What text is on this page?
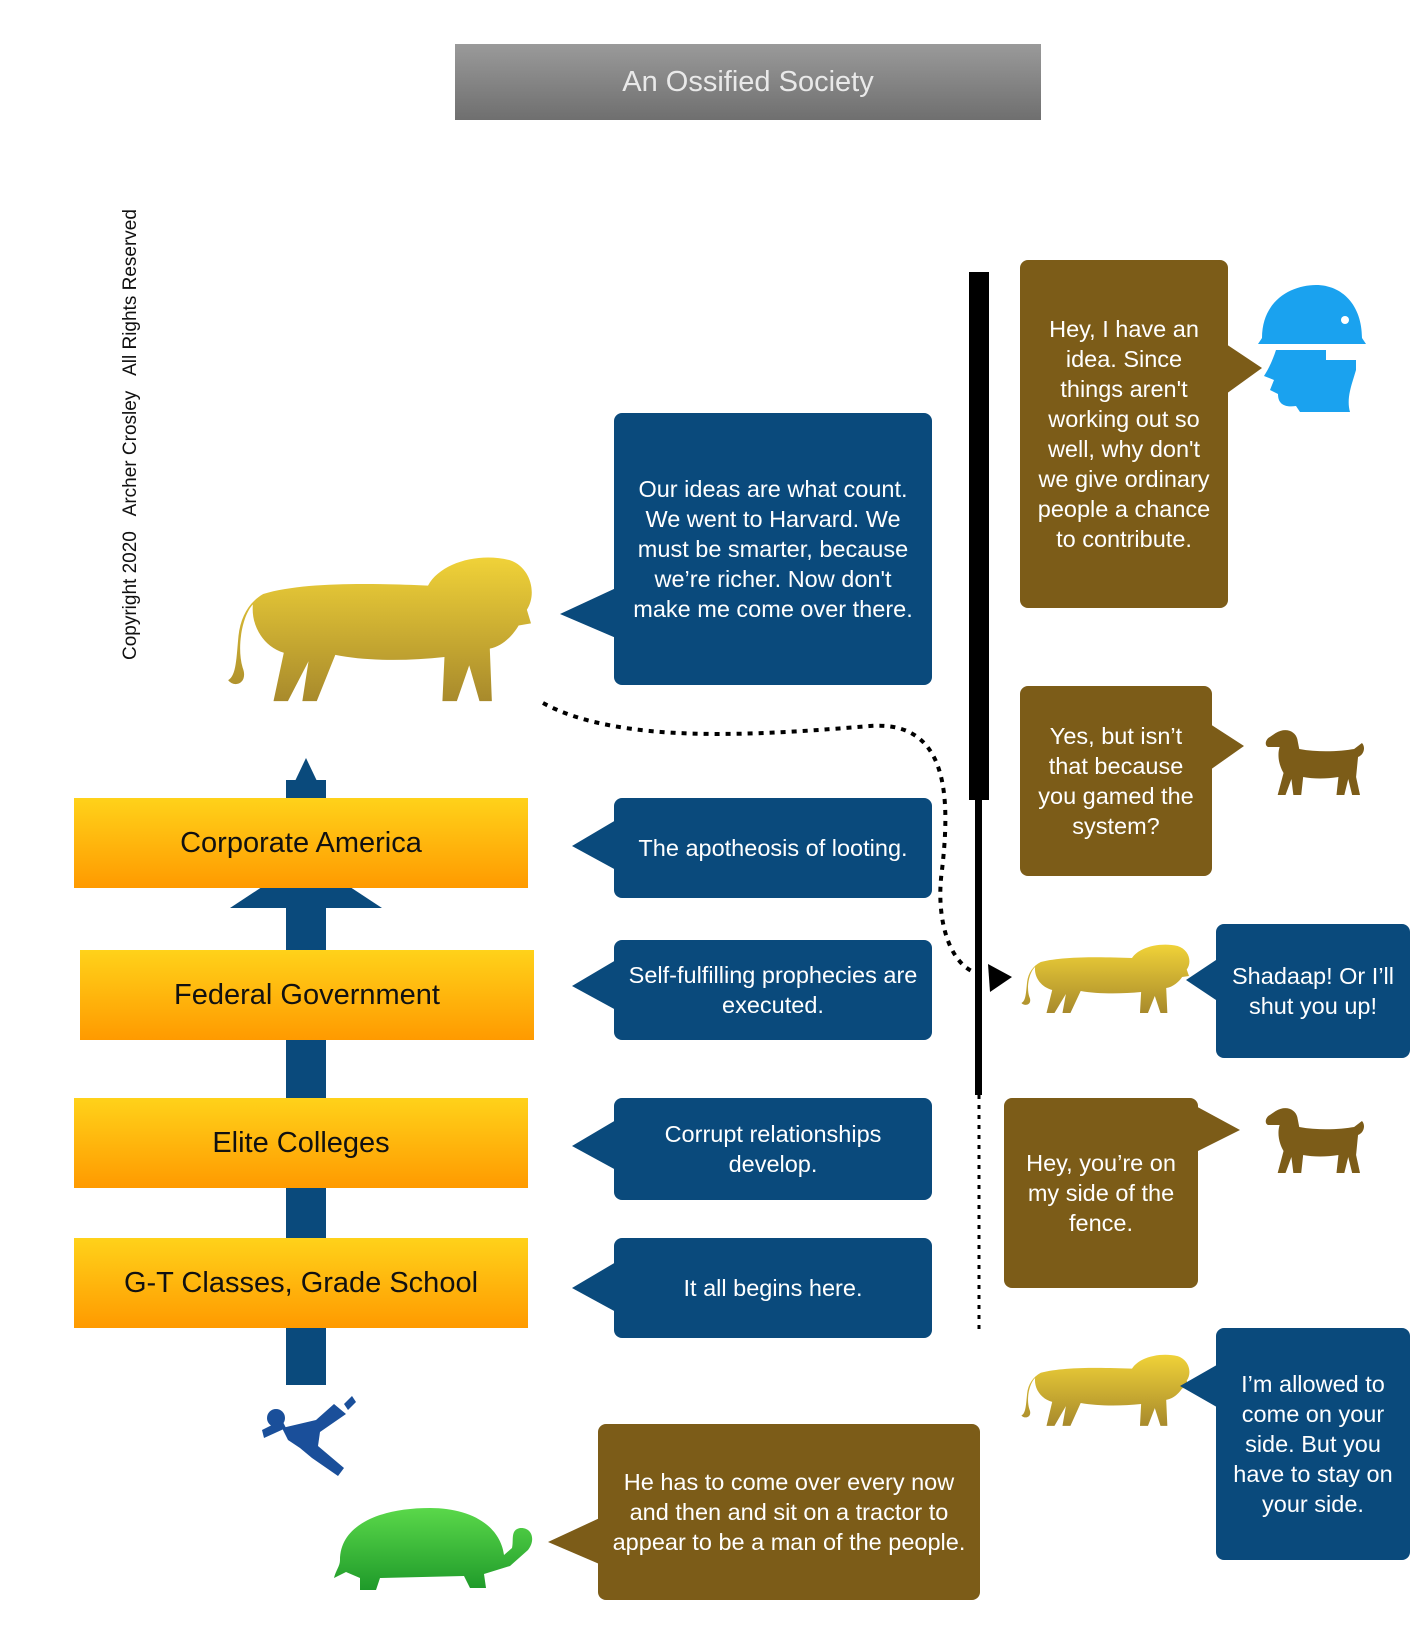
An Ossified Society
Copyright 2020   Archer Crosley   All Rights Reserved
Corporate America
Federal Government
Elite Colleges
G-T Classes, Grade School
Our ideas are what count. We went to Harvard. We must be smarter, because we’re richer. Now don't make me come over there.
The apotheosis of looting.
Self-fulfilling prophecies are executed.
Corrupt relationships develop.
It all begins here.
He has to come over every now and then and sit on a tractor to appear to be a man of the people.
Hey, I have an idea. Since things aren't working out so well, why don't we give ordinary people a chance to contribute.
Yes, but isn’t that because you gamed the system?
Shadaap! Or I’ll shut you up!
Hey, you’re on my side of the fence.
I’m allowed to come on your side. But you have to stay on your side.
